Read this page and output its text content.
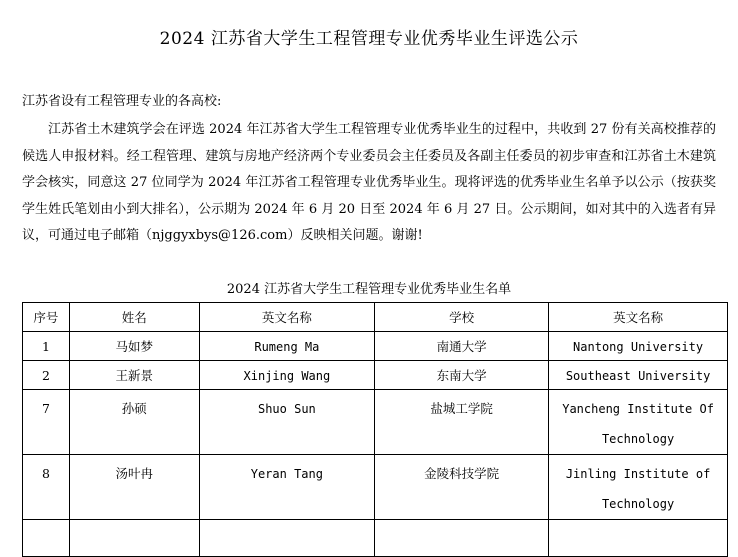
2024 江苏省大学生工程管理专业优秀毕业生评选公示
江苏省设有工程管理专业的各高校:
江苏省土木建筑学会在评选 2024 年江苏省大学生工程管理专业优秀毕业生的过程中，共收到 27 份有关高校推荐的候选人申报材料。经工程管理、建筑与房地产经济两个专业委员会主任委员及各副主任委员的初步审查和江苏省土木建筑学会核实，同意这 27 位同学为 2024 年江苏省工程管理专业优秀毕业生。现将评选的优秀毕业生名单予以公示（按获奖学生姓氏笔划由小到大排名），公示期为 2024 年 6 月 20 日至 2024 年 6 月 27 日。公示期间，如对其中的入选者有异议，可通过电子邮箱（njggyxbys@126.com）反映相关问题。谢谢!
2024 江苏省大学生工程管理专业优秀毕业生名单
序号	姓名	英文名称	学校	英文名称
1	马如梦	Rumeng Ma	南通大学	Nantong University
2	王新景	Xinjing Wang	东南大学	Southeast University
7	孙硕	Shuo Sun	盐城工学院	Yancheng Institute Of Technology
8	汤叶冉	Yeran Tang	金陵科技学院	Jinling Institute of Technology
